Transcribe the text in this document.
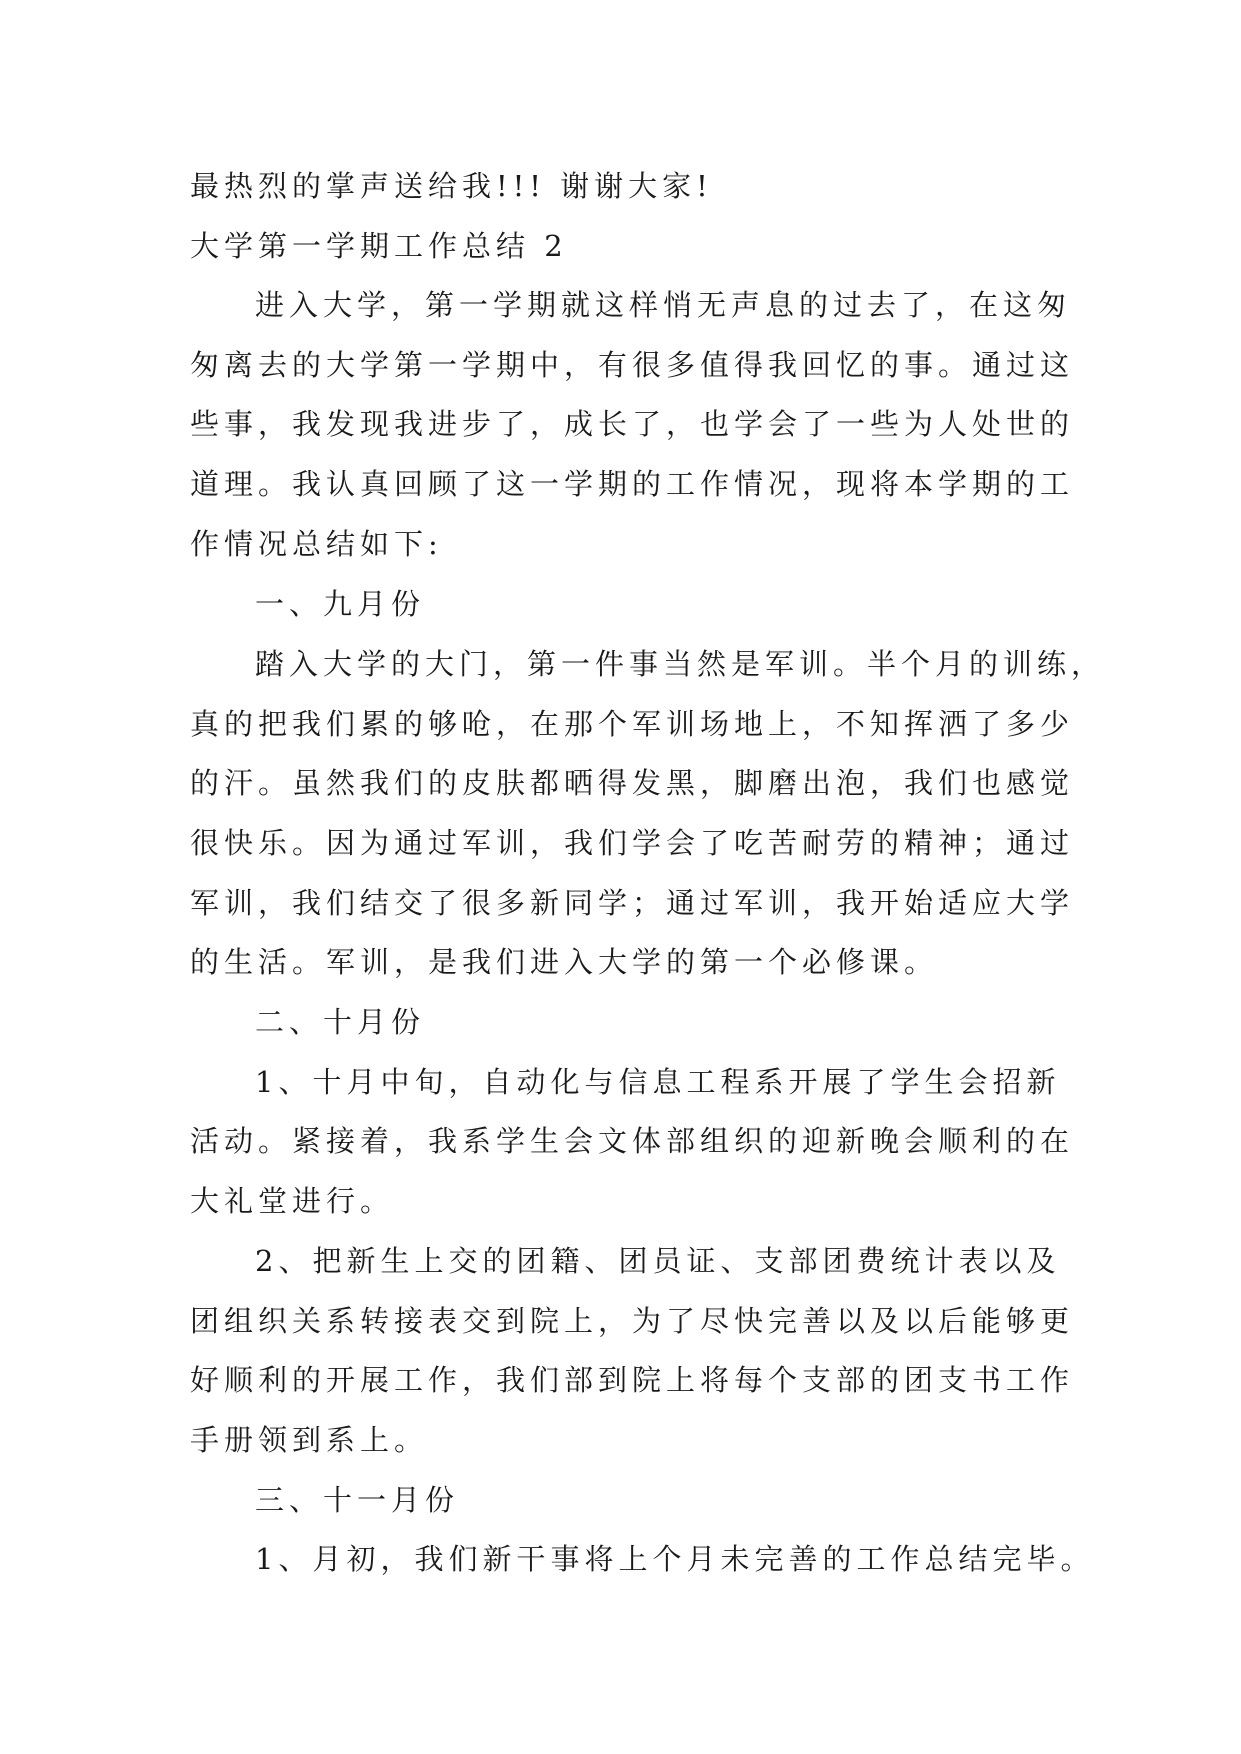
最热烈的掌声送给我!!! 谢谢大家!
大学第一学期工作总结 2
进入大学，第一学期就这样悄无声息的过去了，在这匆
匆离去的大学第一学期中，有很多值得我回忆的事。通过这
些事，我发现我进步了，成长了，也学会了一些为人处世的
道理。我认真回顾了这一学期的工作情况，现将本学期的工
作情况总结如下:
一、九月份
踏入大学的大门，第一件事当然是军训。半个月的训练，
真的把我们累的够呛，在那个军训场地上，不知挥洒了多少
的汗。虽然我们的皮肤都晒得发黑，脚磨出泡，我们也感觉
很快乐。因为通过军训，我们学会了吃苦耐劳的精神；通过
军训，我们结交了很多新同学；通过军训，我开始适应大学
的生活。军训，是我们进入大学的第一个必修课。
二、十月份
1、十月中旬，自动化与信息工程系开展了学生会招新
活动。紧接着，我系学生会文体部组织的迎新晚会顺利的在
大礼堂进行。
2、把新生上交的团籍、团员证、支部团费统计表以及
团组织关系转接表交到院上，为了尽快完善以及以后能够更
好顺利的开展工作，我们部到院上将每个支部的团支书工作
手册领到系上。
三、十一月份
1、月初，我们新干事将上个月未完善的工作总结完毕。
